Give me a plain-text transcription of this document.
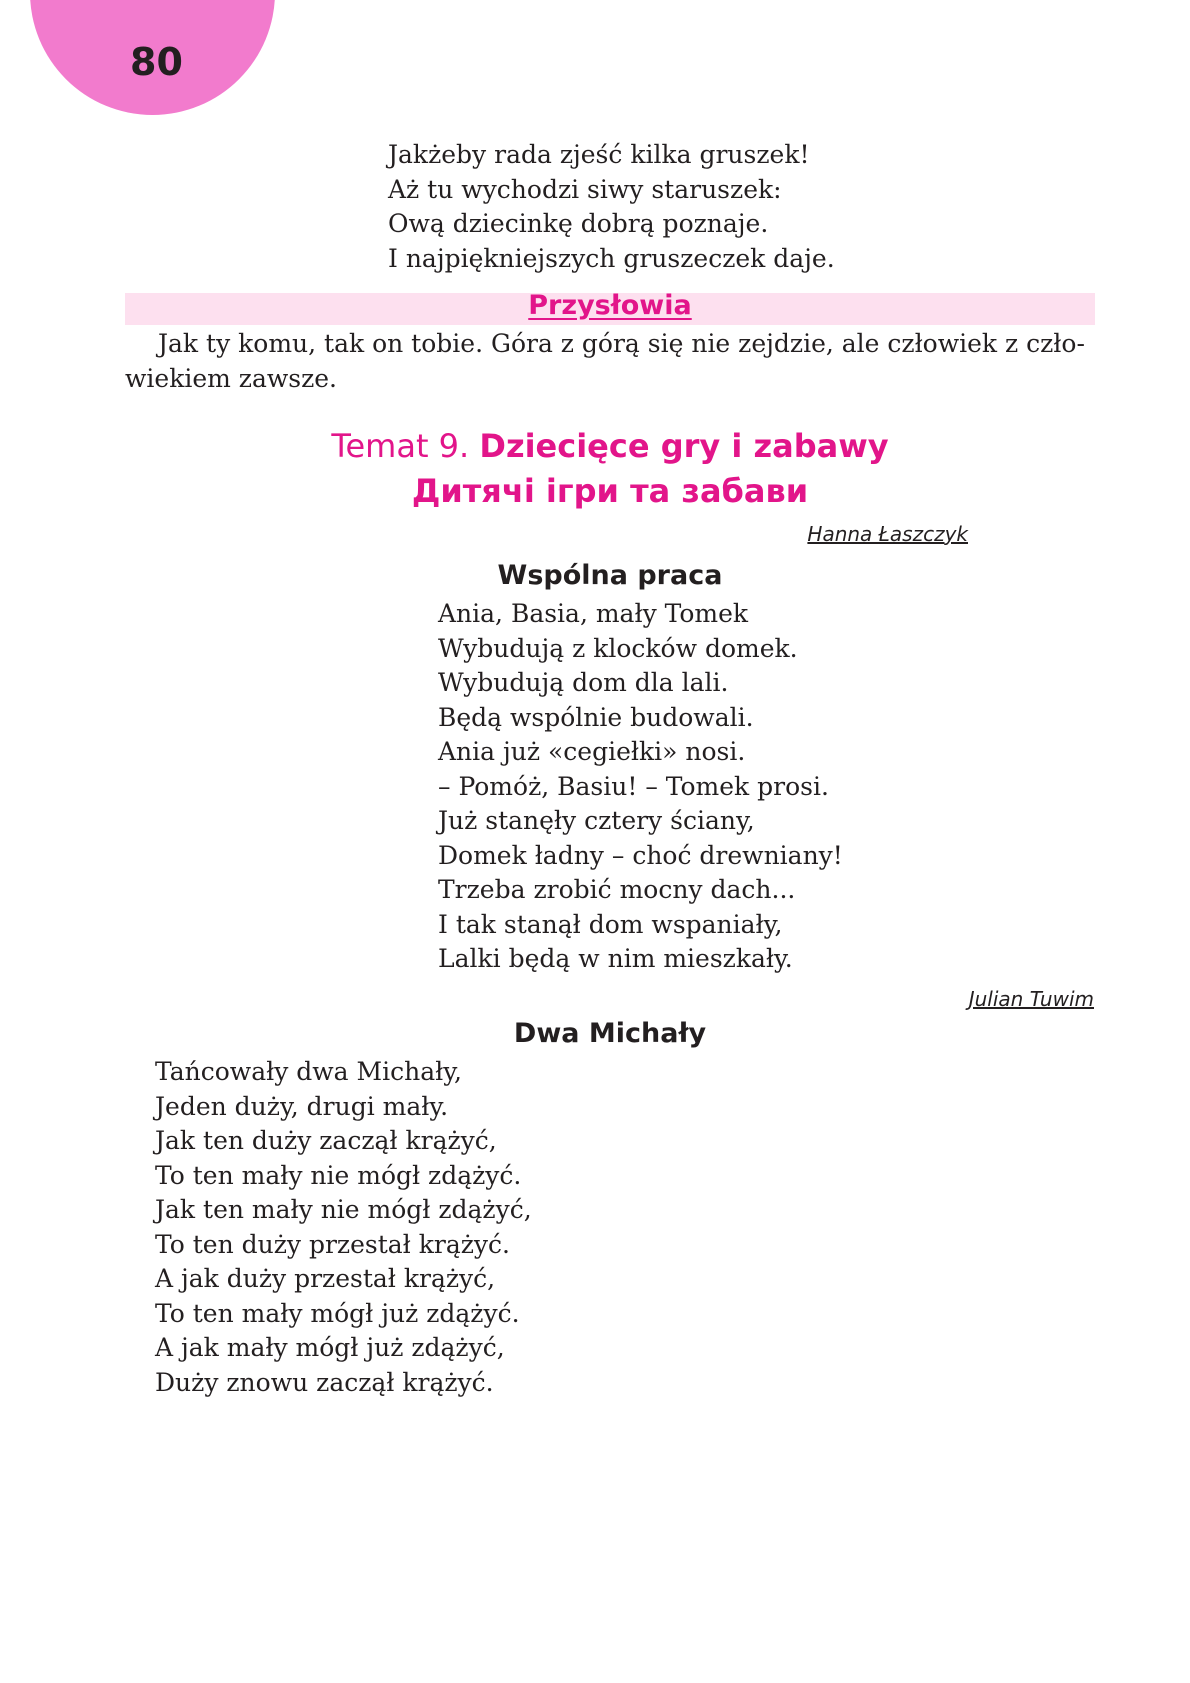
80
Jakżeby rada zjeść kilka gruszek!
Aż tu wychodzi siwy staruszek:
Ową dziecinkę dobrą poznaje.
I najpiękniejszych gruszeczek daje.
Przysłowia
Jak ty komu, tak on tobie. Góra z górą się nie zejdzie, ale człowiek z czło-
wiekiem zawsze.
Temat 9. Dziecięce gry i zabawy
Дитячі ігри та забави
Hanna Łaszczyk
Wspólna praca
Ania, Basia, mały Tomek
Wybudują z klocków domek.
Wybudują dom dla lali.
Będą wspólnie budowali.
Ania już «cegiełki» nosi.
– Pomóż, Basiu! – Tomek prosi.
Już stanęły cztery ściany,
Domek ładny – choć drewniany!
Trzeba zrobić mocny dach...
I tak stanął dom wspaniały,
Lalki będą w nim mieszkały.
Julian Tuwim
Dwa Michały
Tańcowały dwa Michały,
Jeden duży, drugi mały.
Jak ten duży zaczął krążyć,
To ten mały nie mógł zdążyć.
Jak ten mały nie mógł zdążyć,
To ten duży przestał krążyć.
A jak duży przestał krążyć,
To ten mały mógł już zdążyć.
A jak mały mógł już zdążyć,
Duży znowu zaczął krążyć.
